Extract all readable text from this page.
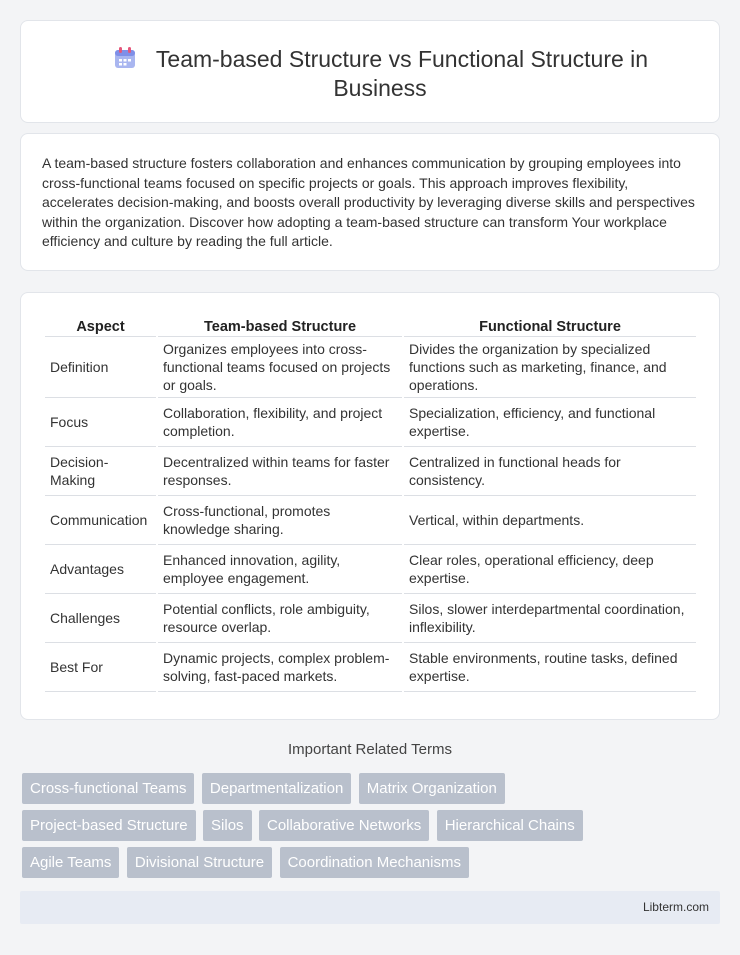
Team-based Structure vs Functional Structure in Business

A team-based structure fosters collaboration and enhances communication by grouping employees into cross-functional teams focused on specific projects or goals. This approach improves flexibility, accelerates decision-making, and boosts overall productivity by leveraging diverse skills and perspectives within the organization. Discover how adopting a team-based structure can transform Your workplace efficiency and culture by reading the full article.

Aspect	Team-based Structure	Functional Structure
Definition	Organizes employees into cross-functional teams focused on projects or goals.	Divides the organization by specialized functions such as marketing, finance, and operations.
Focus	Collaboration, flexibility, and project completion.	Specialization, efficiency, and functional expertise.
Decision-Making	Decentralized within teams for faster responses.	Centralized in functional heads for consistency.
Communication	Cross-functional, promotes knowledge sharing.	Vertical, within departments.
Advantages	Enhanced innovation, agility, employee engagement.	Clear roles, operational efficiency, deep expertise.
Challenges	Potential conflicts, role ambiguity, resource overlap.	Silos, slower interdepartmental coordination, inflexibility.
Best For	Dynamic projects, complex problem-solving, fast-paced markets.	Stable environments, routine tasks, defined expertise.
Important Related Terms
Cross-functional Teams Departmentalization Matrix Organization
Project-based Structure Silos Collaborative Networks Hierarchical Chains
Agile Teams Divisional Structure Coordination Mechanisms
Libterm.com
